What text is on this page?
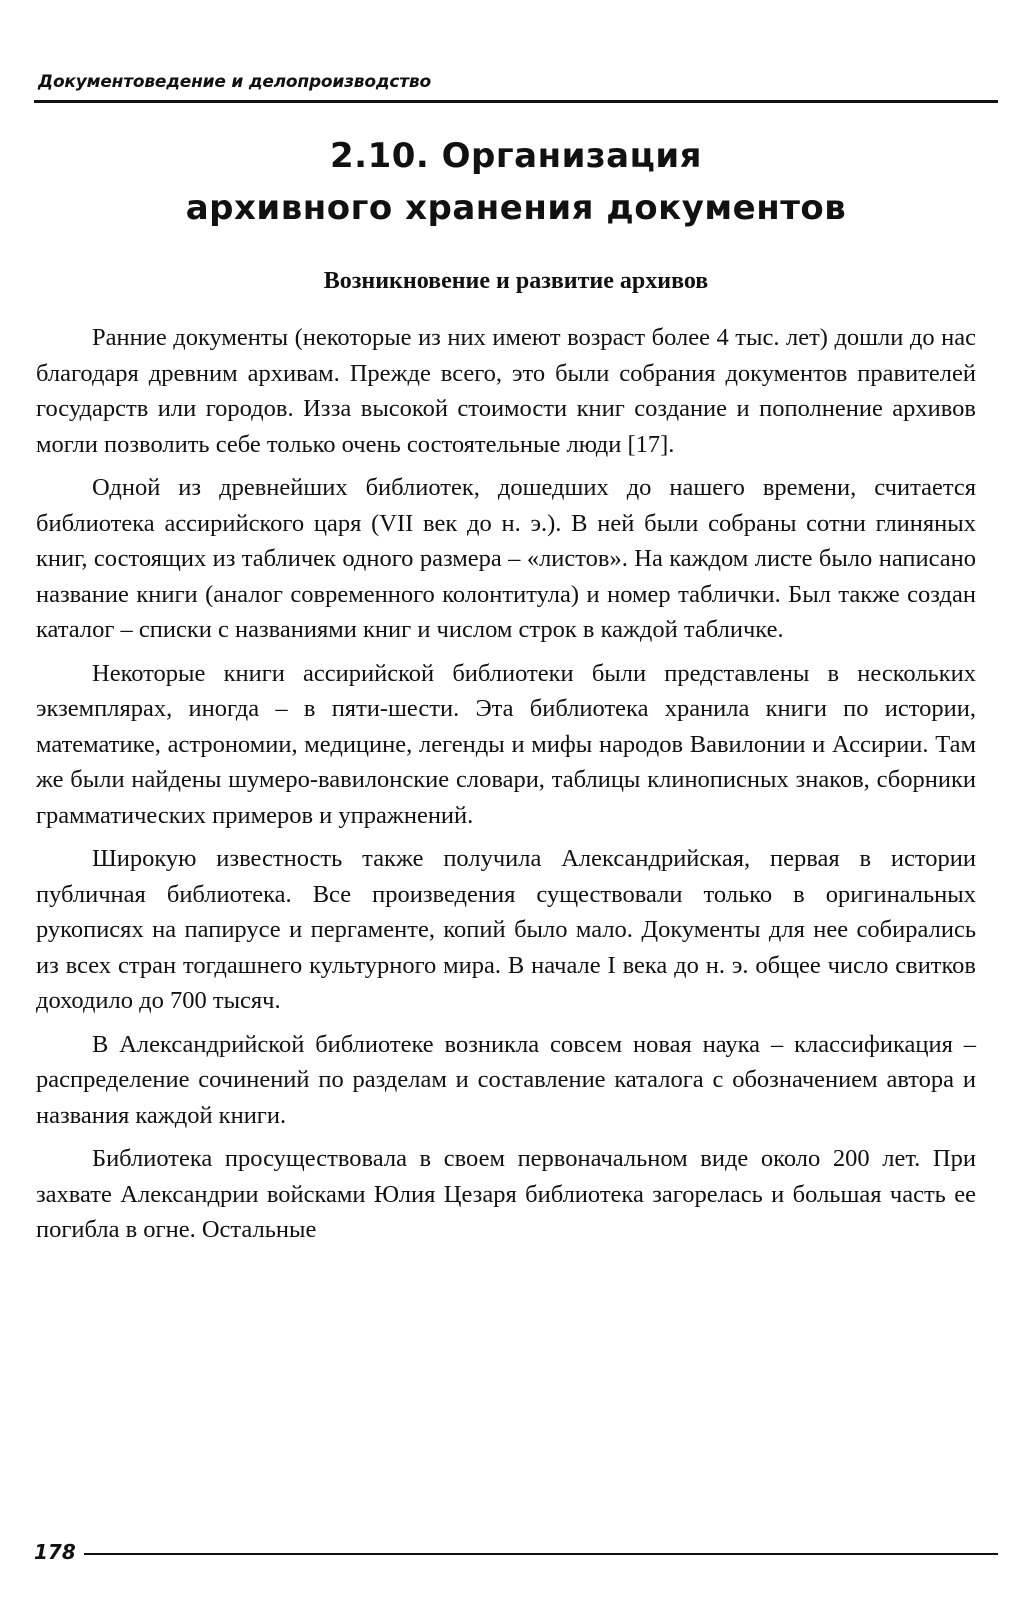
Документоведение и делопроизводство
2.10. Организация
архивного хранения документов
Возникновение и развитие архивов

Ранние документы (некоторые из них имеют возраст более 4 тыс. лет) дошли до нас благодаря древним архивам. Прежде всего, это были собрания документов правителей государств или городов. Изза высокой стоимости книг создание и пополнение архивов могли позволить себе только очень состоятельные люди [17].

Одной из древнейших библиотек, дошедших до нашего времени, считается библиотека ассирийского царя (VII век до н. э.). В ней были собраны сотни глиняных книг, состоящих из табличек одного размера – «листов». На каждом листе было написано название книги (аналог современного колонтитула) и номер таблички. Был также создан каталог – списки с названиями книг и числом строк в каждой табличке.

Некоторые книги ассирийской библиотеки были представлены в нескольких экземплярах, иногда – в пяти-шести. Эта библиотека хранила книги по истории, математике, астрономии, медицине, легенды и мифы народов Вавилонии и Ассирии. Там же были найдены шумеро-вавилонские словари, таблицы клинописных знаков, сборники грамматических примеров и упражнений.

Широкую известность также получила Александрийская, первая в истории публичная библиотека. Все произведения существовали только в оригинальных рукописях на папирусе и пергаменте, копий было мало. Документы для нее собирались из всех стран тогдашнего культурного мира. В начале I века до н. э. общее число свитков доходило до 700 тысяч.

В Александрийской библиотеке возникла совсем новая наука – классификация – распределение сочинений по разделам и составление каталога с обозначением автора и названия каждой книги.

Библиотека просуществовала в своем первоначальном виде около 200 лет. При захвате Александрии войсками Юлия Цезаря библиотека загорелась и большая часть ее погибла в огне. Остальные

178
